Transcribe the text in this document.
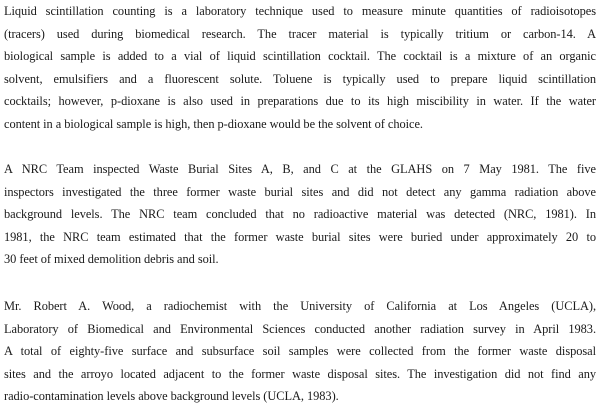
Liquid scintillation counting is a laboratory technique used to measure minute quantities of radioisotopes
(tracers) used during biomedical research. The tracer material is typically tritium or carbon-14. A
biological sample is added to a vial of liquid scintillation cocktail. The cocktail is a mixture of an organic
solvent, emulsifiers and a fluorescent solute. Toluene is typically used to prepare liquid scintillation
cocktails; however, p-dioxane is also used in preparations due to its high miscibility in water. If the water
content in a biological sample is high, then p-dioxane would be the solvent of choice.
A NRC Team inspected Waste Burial Sites A, B, and C at the GLAHS on 7 May 1981. The five
inspectors investigated the three former waste burial sites and did not detect any gamma radiation above
background levels. The NRC team concluded that no radioactive material was detected (NRC, 1981). In
1981, the NRC team estimated that the former waste burial sites were buried under approximately 20 to
30 feet of mixed demolition debris and soil.
Mr. Robert A. Wood, a radiochemist with the University of California at Los Angeles (UCLA),
Laboratory of Biomedical and Environmental Sciences conducted another radiation survey in April 1983.
A total of eighty-five surface and subsurface soil samples were collected from the former waste disposal
sites and the arroyo located adjacent to the former waste disposal sites. The investigation did not find any
radio-contamination levels above background levels (UCLA, 1983).
